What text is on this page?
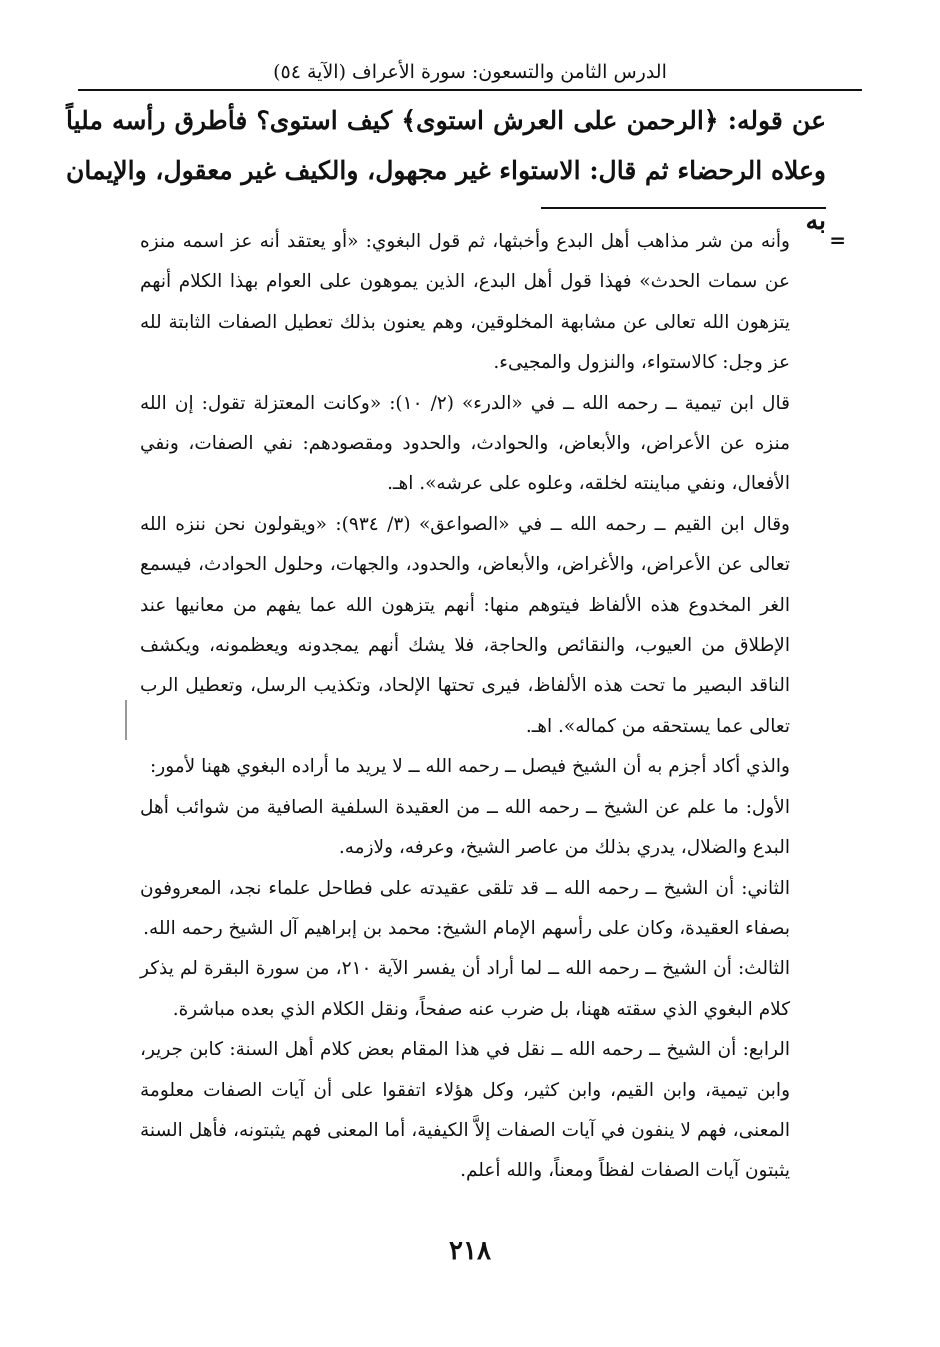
الدرس الثامن والتسعون: سورة الأعراف (الآية ٥٤)

عن قوله: ﴿الرحمن على العرش استوى﴾ كيف استوى؟ فأطرق رأسه ملياً وعلاه الرحضاء ثم قال: الاستواء غير مجهول، والكيف غير معقول، والإيمان به

=

وأنه من شر مذاهب أهل البدع وأخبثها، ثم قول البغوي: «أو يعتقد أنه عز اسمه منزه عن سمات الحدث» فهذا قول أهل البدع، الذين يموهون على العوام بهذا الكلام أنهم يتزهون الله تعالى عن مشابهة المخلوقين، وهم يعنون بذلك تعطيل الصفات الثابتة لله عز وجل: كالاستواء، والنزول والمجيىء.

قال ابن تيمية ــ رحمه الله ــ في «الدرء» (٢/ ١٠): «وكانت المعتزلة تقول: إن الله منزه عن الأعراض، والأبعاض، والحوادث، والحدود ومقصودهم: نفي الصفات، ونفي الأفعال، ونفي مباينته لخلقه، وعلوه على عرشه». اهـ.

وقال ابن القيم ــ رحمه الله ــ في «الصواعق» (٣/ ٩٣٤): «ويقولون نحن ننزه الله تعالى عن الأعراض، والأغراض، والأبعاض، والحدود، والجهات، وحلول الحوادث، فيسمع الغر المخدوع هذه الألفاظ فيتوهم منها: أنهم يتزهون الله عما يفهم من معانيها عند الإطلاق من العيوب، والنقائص والحاجة، فلا يشك أنهم يمجدونه ويعظمونه، ويكشف الناقد البصير ما تحت هذه الألفاظ، فيرى تحتها الإلحاد، وتكذيب الرسل، وتعطيل الرب تعالى عما يستحقه من كماله». اهـ.

والذي أكاد أجزم به أن الشيخ فيصل ــ رحمه الله ــ لا يريد ما أراده البغوي ههنا لأمور:

الأول: ما علم عن الشيخ ــ رحمه الله ــ من العقيدة السلفية الصافية من شوائب أهل البدع والضلال، يدري بذلك من عاصر الشيخ، وعرفه، ولازمه.

الثاني: أن الشيخ ــ رحمه الله ــ قد تلقى عقيدته على فطاحل علماء نجد، المعروفون بصفاء العقيدة، وكان على رأسهم الإمام الشيخ: محمد بن إبراهيم آل الشيخ رحمه الله.

الثالث: أن الشيخ ــ رحمه الله ــ لما أراد أن يفسر الآية ٢١٠، من سورة البقرة لم يذكر كلام البغوي الذي سقته ههنا، بل ضرب عنه صفحاً، ونقل الكلام الذي بعده مباشرة.

الرابع: أن الشيخ ــ رحمه الله ــ نقل في هذا المقام بعض كلام أهل السنة: كابن جرير، وابن تيمية، وابن القيم، وابن كثير، وكل هؤلاء اتفقوا على أن آيات الصفات معلومة المعنى، فهم لا ينفون في آيات الصفات إلاَّ الكيفية، أما المعنى فهم يثبتونه، فأهل السنة يثبتون آيات الصفات لفظاً ومعناً، والله أعلم.

٢١٨
